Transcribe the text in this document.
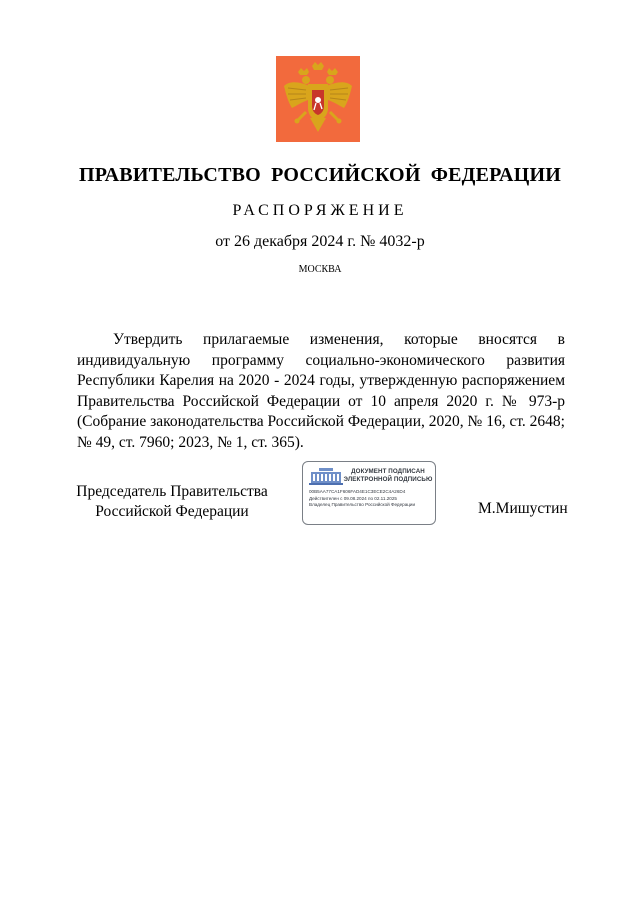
ПРАВИТЕЛЬСТВО РОССИЙСКОЙ ФЕДЕРАЦИИ
РАСПОРЯЖЕНИЕ
от 26 декабря 2024 г. № 4032-р
МОСКВА

Утвердить прилагаемые изменения, которые вносятся в индивидуальную программу социально-экономического развития Республики Карелия на 2020 - 2024 годы, утвержденную распоряжением Правительства Российской Федерации от 10 апреля 2020 г. № 973-р (Собрание законодательства Российской Федерации, 2020, № 16, ст. 2648; № 49, ст. 7960; 2023, № 1, ст. 365).

Председатель Правительства
Российской Федерации
ДОКУМЕНТ ПОДПИСАН
ЭЛЕКТРОННОЙ ПОДПИСЬЮ
00B5AA77CA1F606FAD4E1C3ECE2C4A26D4
Действителен с 09.08.2024 по 02.11.2025
Владелец Правительство Российской Федерации	М.Мишустин
